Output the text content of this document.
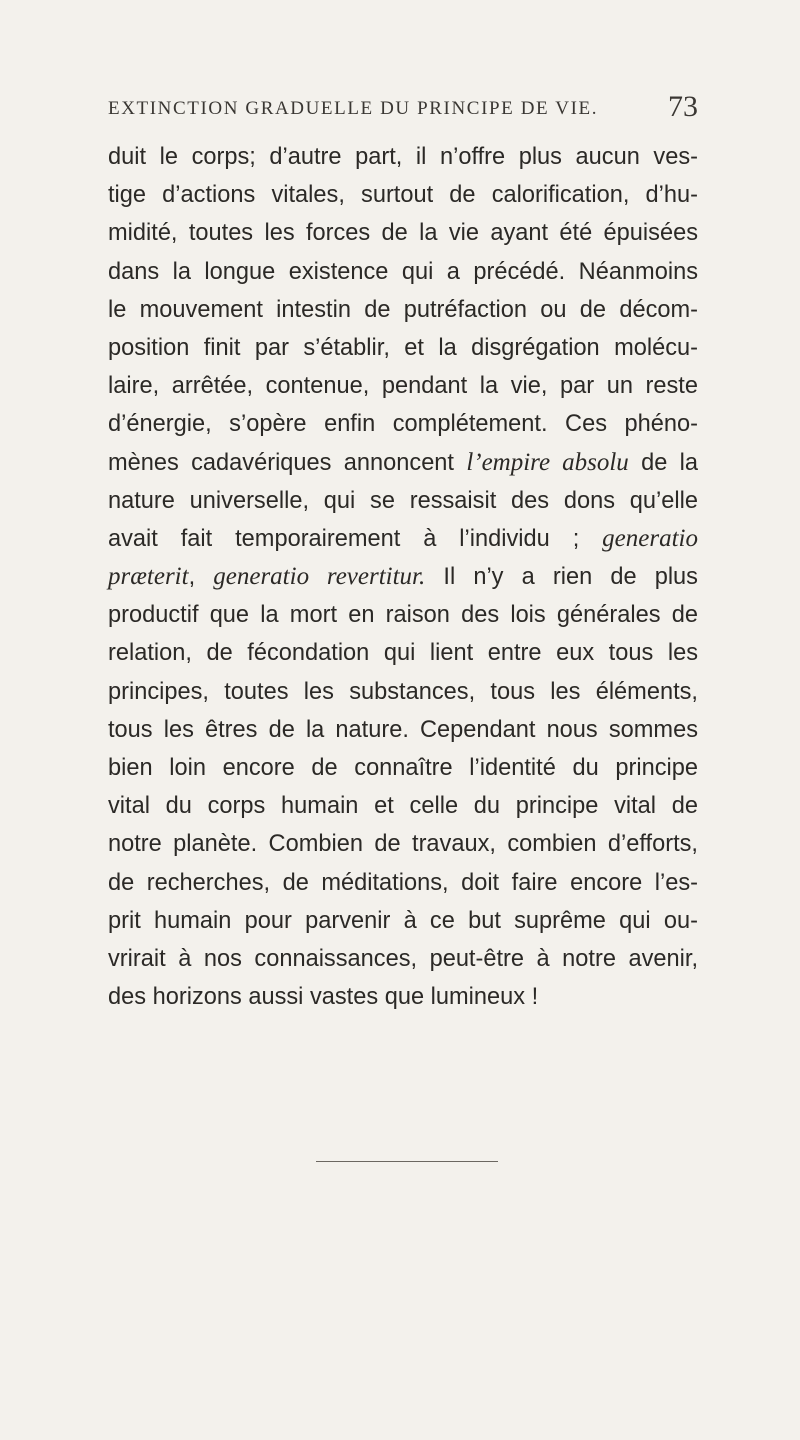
EXTINCTION GRADUELLE DU PRINCIPE DE VIE. 73
duit le corps; d’autre part, il n’offre plus aucun ves-
tige d’actions vitales, surtout de calorification, d’hu-
midité, toutes les forces de la vie ayant été épuisées
dans la longue existence qui a précédé. Néanmoins
le mouvement intestin de putréfaction ou de décom-
position finit par s’établir, et la disgrégation molécu-
laire, arrêtée, contenue, pendant la vie, par un reste
d’énergie, s’opère enfin complétement. Ces phéno-
mènes cadavériques annoncent l’empire absolu de la
nature universelle, qui se ressaisit des dons qu’elle
avait fait temporairement à l’individu ; generatio
præterit, generatio revertitur. Il n’y a rien de plus
productif que la mort en raison des lois générales de
relation, de fécondation qui lient entre eux tous les
principes, toutes les substances, tous les éléments,
tous les êtres de la nature. Cependant nous sommes
bien loin encore de connaître l’identité du principe
vital du corps humain et celle du principe vital de
notre planète. Combien de travaux, combien d’efforts,
de recherches, de méditations, doit faire encore l’es-
prit humain pour parvenir à ce but suprême qui ou-
vrirait à nos connaissances, peut-être à notre avenir,
des horizons aussi vastes que lumineux !
